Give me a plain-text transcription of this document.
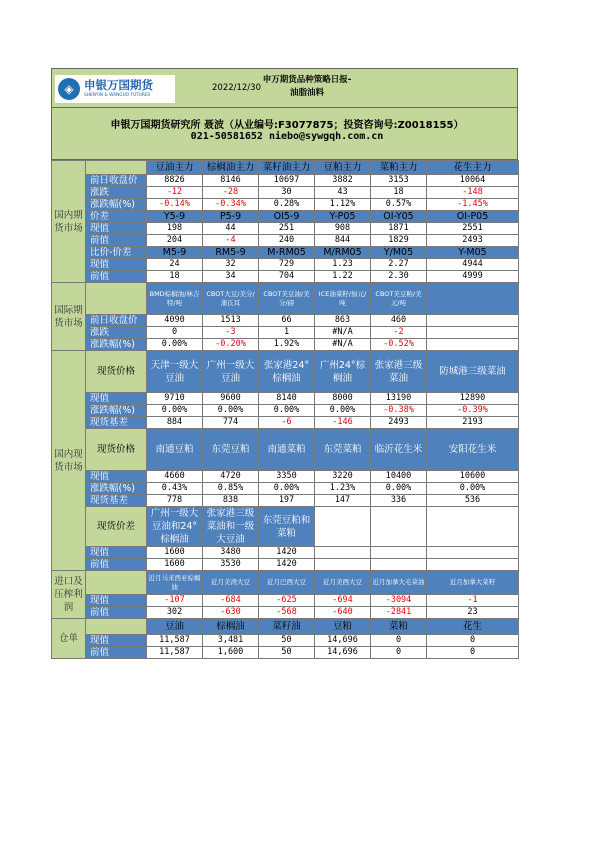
◈ 申银万国期货
SHENYIN & WANGUO FUTURES
2022/12/30
申万期货品种策略日报-
油脂油料
申银万国期货研究所 聂波（从业编号:F3077875；投资咨询号:Z0018155）
021-50581652 niebo@sywgqh.com.cn
国内期货市场		豆油主力	棕榈油主力	菜籽油主力	豆粕主力	菜粕主力	花生主力
	前日收盘价	8826	8146	10697	3882	3153	10064
	涨跌	-12	-28	30	43	18	-148
	涨跌幅(%)	-0.14%	-0.34%	0.28%	1.12%	0.57%	-1.45%
	价差	Y5-9	P5-9	OI5-9	Y-P05	OI-Y05	OI-P05
	现值	198	44	251	908	1871	2551
	前值	204	-4	240	844	1829	2493
	比价-价差	M5-9	RM5-9	M-RM05	M/RM05	Y/M05	Y-M05
	现值	24	32	729	1.23	2.27	4944
	前值	18	34	704	1.22	2.30	4999
国际期货市场		BMD棕榈油/林吉特/吨	CBOT大豆/美分/蒲氏耳	CBOT美豆油/美分/磅	ICE油菜籽/加元/吨	CBOT美豆粕/美元/吨	
	前日收盘价	4090	1513	66	863	460	
	涨跌	0	-3	1	#N/A	-2	
	涨跌幅(%)	0.00%	-0.20%	1.92%	#N/A	-0.52%	
国内现货市场	现货价格	天津一级大豆油	广州一级大豆油	张家港24°棕榈油	广州24°棕榈油	张家港三级菜油	防城港三级菜油
	现值	9710	9600	8140	8000	13190	12890
	涨跌幅(%)	0.00%	0.00%	0.00%	0.00%	-0.38%	-0.39%
	现货基差	884	774	-6	-146	2493	2193
	现货价格	南通豆粕	东莞豆粕	南通菜粕	东莞菜粕	临沂花生米	安阳花生米
	现值	4660	4720	3350	3220	10400	10600
	涨跌幅(%)	0.43%	0.85%	0.00%	1.23%	0.00%	0.00%
	现货基差	778	838	197	147	336	536
	现货价差	广州一级大豆油和24°棕榈油	张家港三级菜油和一级大豆油	东莞豆粕和菜粕			
	现值	1600	3480	1420			
	前值	1600	3530	1420			
进口及压榨利润		近月马来西亚棕榈油	近月美湾大豆	近月巴西大豆	近月美西大豆	近月加拿大毛菜油	近月加拿大菜籽
	现值	-107	-684	-625	-694	-3094	-1
	前值	302	-630	-568	-640	-2841	23
仓单		豆油	棕榈油	菜籽油	豆粕	菜粕	花生
	现值	11,587	3,481	50	14,696	0	0
	前值	11,587	1,600	50	14,696	0	0
